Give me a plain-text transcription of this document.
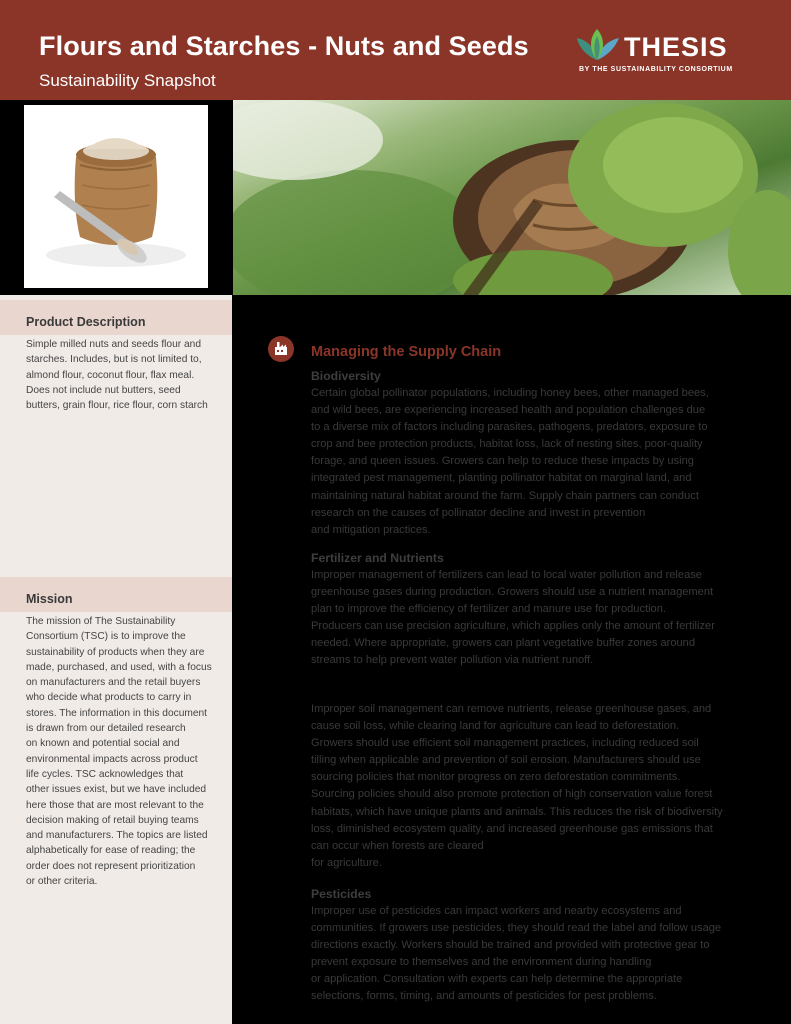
Flours and Starches - Nuts and Seeds
Sustainability Snapshot
THESIS
BY THE SUSTAINABILITY CONSORTIUM
Product Description
Simple milled nuts and seeds flour and
starches. Includes, but is not limited to,
almond flour, coconut flour, flax meal.
Does not include nut butters, seed
butters, grain flour, rice flour, corn starch
Mission
The mission of The Sustainability
Consortium (TSC) is to improve the
sustainability of products when they are
made, purchased, and used, with a focus
on manufacturers and the retail buyers
who decide what products to carry in
stores. The information in this document
is drawn from our detailed research
on known and potential social and
environmental impacts across product
life cycles. TSC acknowledges that
other issues exist, but we have included
here those that are most relevant to the
decision making of retail buying teams
and manufacturers. The topics are listed
alphabetically for ease of reading; the
order does not represent prioritization
or other criteria.
Managing the Supply Chain
Biodiversity
Certain global pollinator populations, including honey bees, other managed bees,
and wild bees, are experiencing increased health and population challenges due
to a diverse mix of factors including parasites, pathogens, predators, exposure to
crop and bee protection products, habitat loss, lack of nesting sites, poor-quality
forage, and queen issues. Growers can help to reduce these impacts by using
integrated pest management, planting pollinator habitat on marginal land, and
maintaining natural habitat around the farm. Supply chain partners can conduct
research on the causes of pollinator decline and invest in prevention
and mitigation practices.
Fertilizer and Nutrients
Improper management of fertilizers can lead to local water pollution and release
greenhouse gases during production. Growers should use a nutrient management
plan to improve the efficiency of fertilizer and manure use for production.
Producers can use precision agriculture, which applies only the amount of fertilizer
needed. Where appropriate, growers can plant vegetative buffer zones around
streams to help prevent water pollution via nutrient runoff.
Improper soil management can remove nutrients, release greenhouse gases, and
cause soil loss, while clearing land for agriculture can lead to deforestation.
Growers should use efficient soil management practices, including reduced soil
tilling when applicable and prevention of soil erosion. Manufacturers should use
sourcing policies that monitor progress on zero deforestation commitments.
Sourcing policies should also promote protection of high conservation value forest
habitats, which have unique plants and animals. This reduces the risk of biodiversity
loss, diminished ecosystem quality, and increased greenhouse gas emissions that
can occur when forests are cleared
for agriculture.
Pesticides
Improper use of pesticides can impact workers and nearby ecosystems and
communities. If growers use pesticides, they should read the label and follow usage
directions exactly. Workers should be trained and provided with protective gear to
prevent exposure to themselves and the environment during handling
or application. Consultation with experts can help determine the appropriate
selections, forms, timing, and amounts of pesticides for pest problems.
